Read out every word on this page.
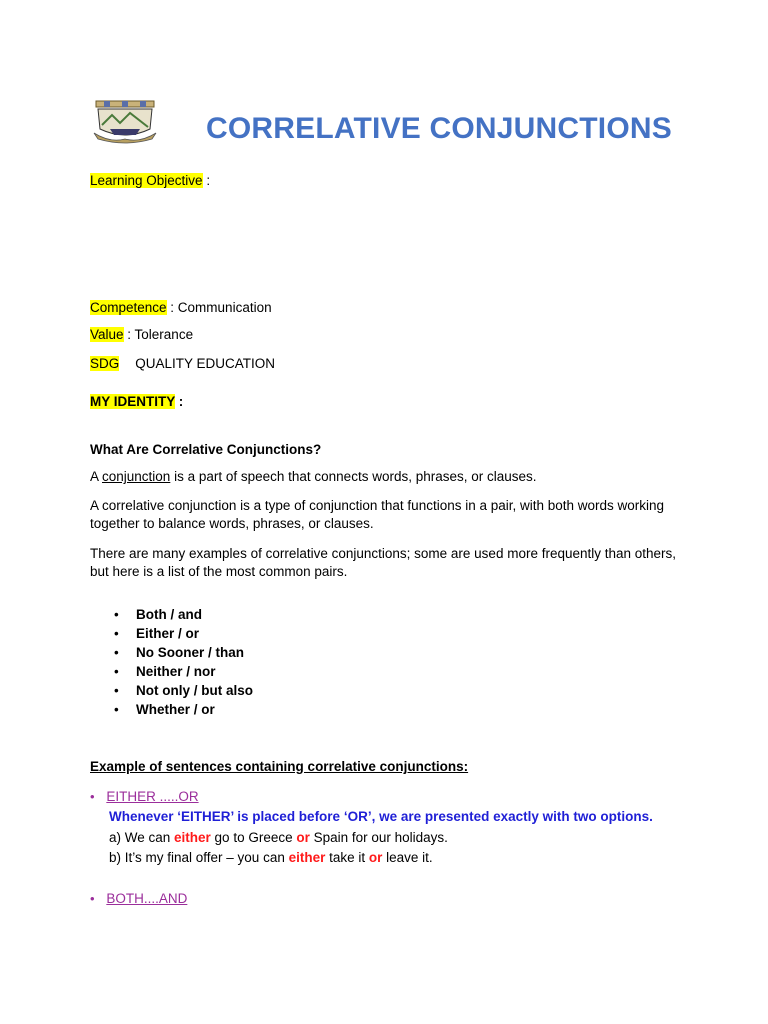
CORRELATIVE CONJUNCTIONS
Learning Objective :
Competence : Communication
Value : Tolerance
SDG QUALITY EDUCATION
MY IDENTITY :
What Are Correlative Conjunctions?
A conjunction is a part of speech that connects words, phrases, or clauses.
A correlative conjunction is a type of conjunction that functions in a pair, with both words working
together to balance words, phrases, or clauses.
There are many examples of correlative conjunctions; some are used more frequently than others,
but here is a list of the most common pairs.
• Both / and
• Either / or
• No Sooner / than
• Neither / nor
• Not only / but also
• Whether / or
Example of sentences containing correlative conjunctions:
• EITHER .....OR
Whenever ‘EITHER’ is placed before ‘OR’, we are presented exactly with two options.
a) We can either go to Greece or Spain for our holidays.
b) It’s my final offer – you can either take it or leave it.
• BOTH....AND
